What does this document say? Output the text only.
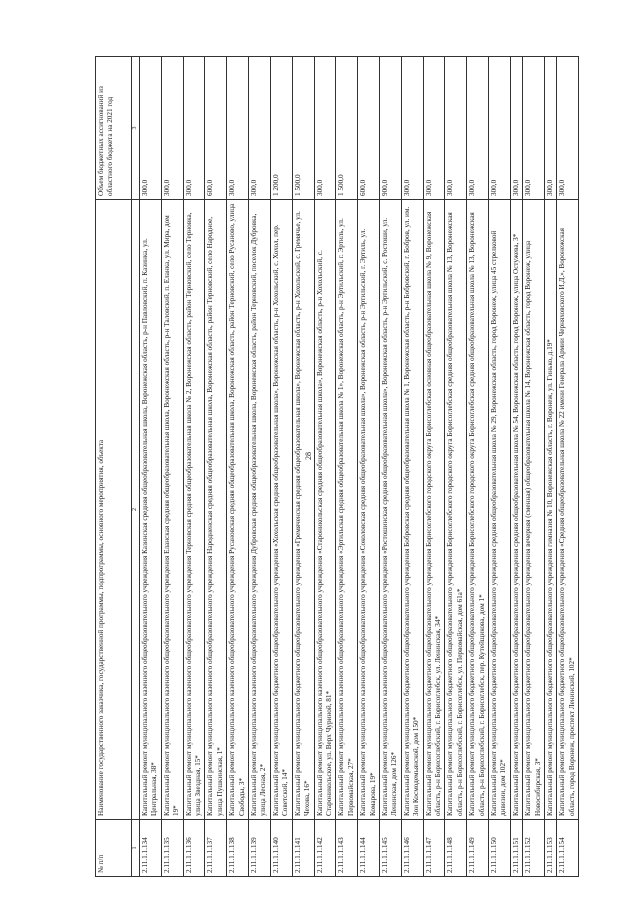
28
№ п/п	Наименование государственного заказчика, государственной программы, подпрограммы, основного мероприятия, объекта	Объем бюджетных ассигнований из областного бюджета на 2021 год
1	2	3
2.11.1.1.134	Капитальный ремонт муниципального казенного общеобразовательного учреждения Казинская средняя общеобразовательная школа, Воронежская область, р-н Павловский, п. Казинка, ул. Центральная, 38*	300,0
2.11.1.1.135	Капитальный ремонт муниципального казенного общеобразовательного учреждения Еланская средняя общеобразовательная школа, Воронежская область, р-н Таловский, п. Еланка, ул. Мира, дом 19*	300,0
2.11.1.1.136	Капитальный ремонт муниципального казенного общеобразовательного учреждения Терновская средняя общеобразовательная школа № 2, Воронежская область, район Терновский, село Терновка, улица Звездная, 15*	300,0
2.11.1.1.137	Капитальный ремонт муниципального казенного общеобразовательного учреждения Народненская средняя общеобразовательная школа, Воронежская область, район Терновский, село Народное, улица Пушкинская, 1*	600,0
2.11.1.1.138	Капитальный ремонт муниципального казенного общеобразовательного учреждения Русановская средняя общеобразовательная школа, Воронежская область, район Терновский, село Русаново, улица Свободы, 3*	300,0
2.11.1.1.139	Капитальный ремонт муниципального казенного общеобразовательного учреждения Дубровская средняя общеобразовательная школа, Воронежская область, район Терновский, поселок Дубровка, улица Лесная, 2*	300,0
2.11.1.1.140	Капитальный ремонт муниципального бюджетного общеобразовательного учреждения «Хохольская средняя общеобразовательная школа», Воронежская область, р-н Хохольский, с. Хохол, пер. Советский, 14*	1 200,0
2.11.1.1.141	Капитальный ремонт муниципального бюджетного общеобразовательного учреждения «Гремяченская средняя общеобразовательная школа», Воронежская область, р-н Хохольский, с. Гремячье, ул. Чехова, 16*	1 500,0
2.11.1.1.142	Капитальный ремонт муниципального казенного общеобразовательного учреждения «Староникольская средняя общеобразовательная школа», Воронежская область, р-н Хохольский, с. Староникольское, ул. Верх Чуриной, 81*	300,0
2.11.1.1.143	Капитальный ремонт муниципального казенного общеобразовательного учреждения «Эртильская средняя общеобразовательная школа № 1», Воронежская область, р-н Эртильский, г. Эртиль, ул. Первомайская, 27*	1 500,0
2.11.1.1.144	Капитальный ремонт муниципального казенного общеобразовательного учреждения «Соколовская средняя общеобразовательная школа», Воронежская область, р-н Эртильский, г. Эртиль, ул. Комарова, 19*	600,0
2.11.1.1.145	Капитальный ремонт муниципального казенного общеобразовательного учреждения «Ростошинская средняя общеобразовательная школа», Воронежская область, р-н Эртильский, с. Ростоши, ул. Ленинская, дом 126*	900,0
2.11.1.1.146	Капитальный ремонт муниципального бюджетного общеобразовательного учреждения Бобровская средняя общеобразовательная школа № 1, Воронежская область, р-н Бобровский, г. Бобров, ул. им. Зои Космодемьянской, дом 150*	300,0
2.11.1.1.147	Капитальный ремонт муниципального бюджетного общеобразовательного учреждения Борисоглебского городского округа Борисоглебская основная общеобразовательная школа № 9, Воронежская область, р-н Борисоглебский, г. Борисоглебск, ул. Ленинская, 34*	300,0
2.11.1.1.148	Капитальный ремонт муниципального бюджетного общеобразовательного учреждения Борисоглебского городского округа Борисоглебская средняя общеобразовательная школа № 13, Воронежская область, р-н Борисоглебский, г. Борисоглебск, ул. Первомайская, дом 61а*	300,0
2.11.1.1.149	Капитальный ремонт муниципального бюджетного общеобразовательного учреждения Борисоглебского городского округа Борисоглебская средняя общеобразовательная школа № 13, Воронежская область, р-н Борисоглебский, г. Борисоглебск, пер. Кутейщикова, дом 1*	300,0
2.11.1.1.150	Капитальный ремонт муниципального бюджетного общеобразовательного учреждения средняя общеобразовательная школа № 29, Воронежская область, город Воронеж, улица 45 стрелковой дивизии, дом 102*	300,0
2.11.1.1.151	Капитальный ремонт муниципального бюджетного общеобразовательного учреждения средняя общеобразовательная школа № 54, Воронежская область, город Воронеж, улица Остужева, 3*	300,0
2.11.1.1.152	Капитальный ремонт муниципального бюджетного общеобразовательного учреждения вечерняя (сменная) общеобразовательная школа № 14, Воронежская область, город Воронеж, улица Новосибирская, 3*	300,0
2.11.1.1.153	Капитальный ремонт муниципального бюджетного общеобразовательного учреждения гимназия № 10, Воронежская область, г. Воронеж, ул. Гинько, д.19*	300,0
2.11.1.1.154	Капитальный ремонт муниципального бюджетного общеобразовательного учреждения «Средняя общеобразовательная школа № 22 имени Генерала Армии Черняховского И.Д.», Воронежская область, город Воронеж, проспект Ленинский, 102*	300,0
